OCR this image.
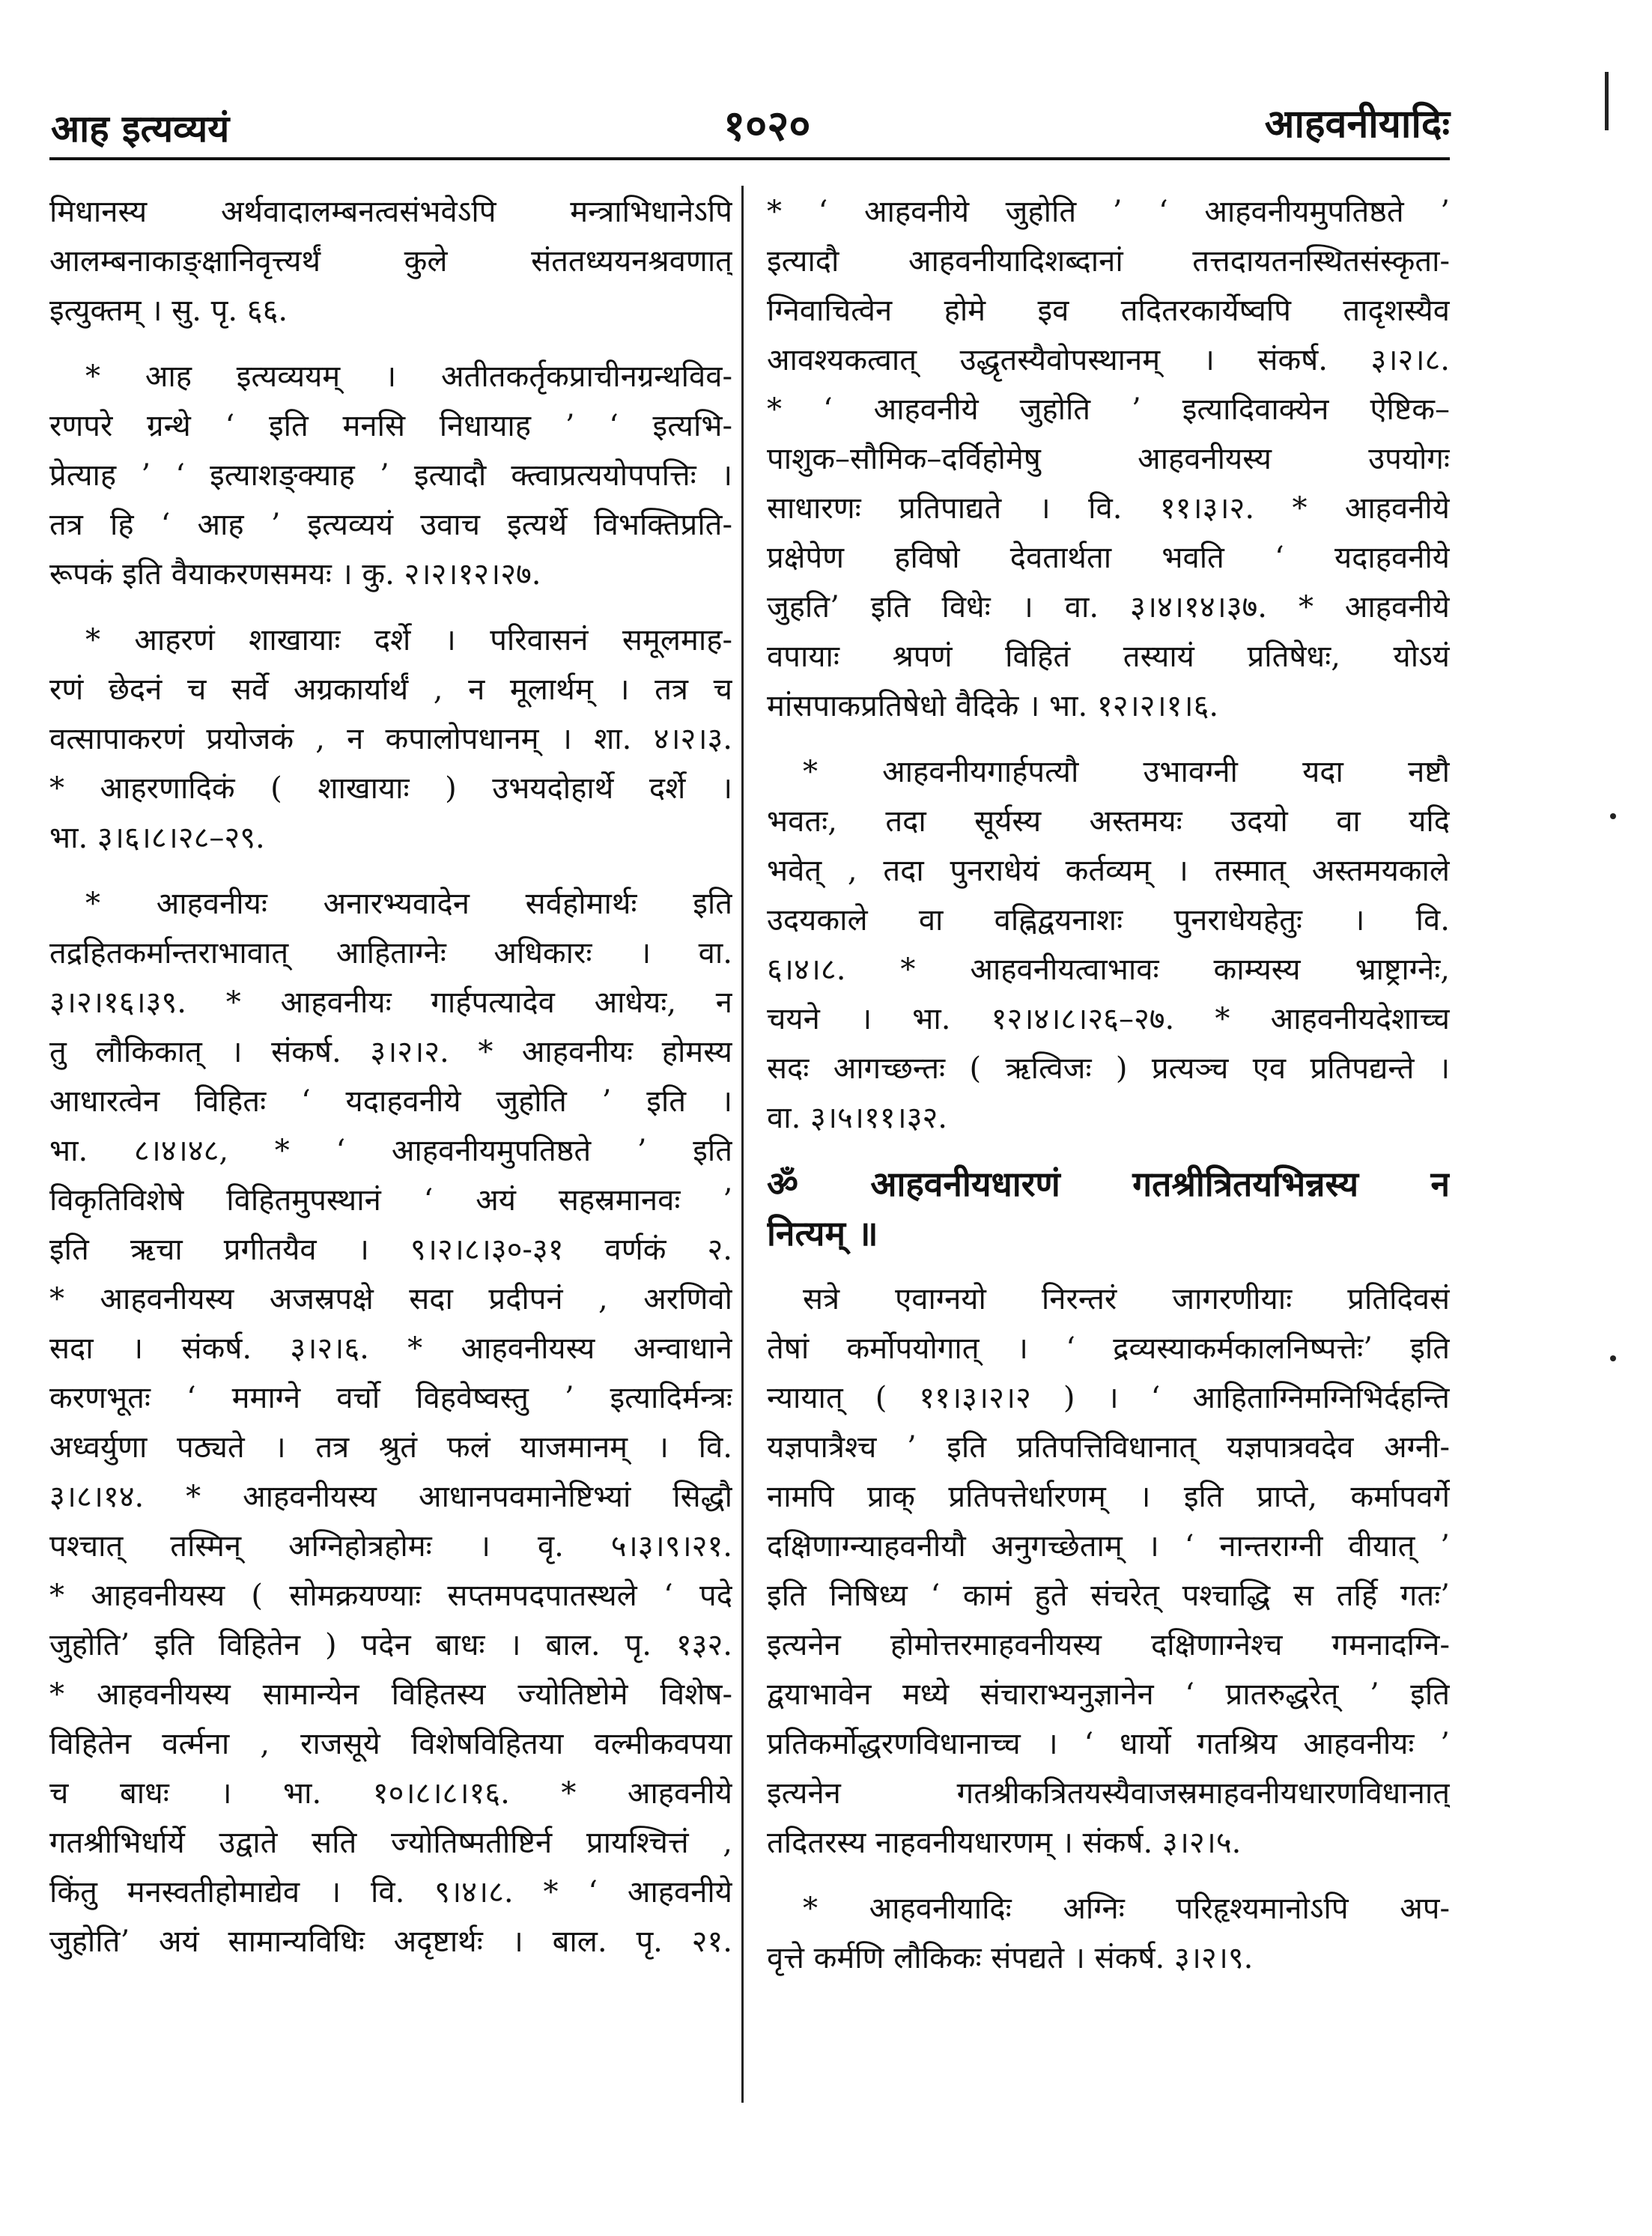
आह इत्यव्ययं	१०२०	आहवनीयादिः
मिधानस्य अर्थवादालम्बनत्वसंभवेऽपि मन्त्राभिधानेऽपि
आलम्बनाकाङ्क्षानिवृत्त्यर्थं कुले संततध्ययनश्रवणात्
इत्युक्तम् । सु. पृ. ६६.
* आह इत्यव्ययम् । अतीतकर्तृकप्राचीनग्रन्थविव-
रणपरे ग्रन्थे ‘ इति मनसि निधायाह ’ ‘ इत्यभि-
प्रेत्याह ’ ‘ इत्याशङ्क्याह ’ इत्यादौ क्त्वाप्रत्ययोपपत्तिः ।
तत्र हि ‘ आह ’ इत्यव्ययं उवाच इत्यर्थे विभक्तिप्रति-
रूपकं इति वैयाकरणसमयः । कु. २।२।१२।२७.
* आहरणं शाखायाः दर्शे । परिवासनं समूलमाह-
रणं छेदनं च सर्वे अग्रकार्यार्थं , न मूलार्थम् । तत्र च
वत्सापाकरणं प्रयोजकं , न कपालोपधानम् । शा. ४।२।३.
* आहरणादिकं ( शाखायाः ) उभयदोहार्थे दर्शे ।
भा. ३।६।८।२८–२९.
* आहवनीयः अनारभ्यवादेन सर्वहोमार्थः इति
तद्रहितकर्मान्तराभावात् आहिताग्नेः अधिकारः । वा.
३।२।१६।३९. * आहवनीयः गार्हपत्यादेव आधेयः, न
तु लौकिकात् । संकर्ष. ३।२।२. * आहवनीयः होमस्य
आधारत्वेन विहितः ‘ यदाहवनीये जुहोति ’ इति ।
भा. ८।४।४८, * ‘ आहवनीयमुपतिष्ठते ’ इति
विकृतिविशेषे विहितमुपस्थानं ‘ अयं सहस्रमानवः ’
इति ऋचा प्रगीतयैव । ९।२।८।३०-३१ वर्णकं २.
* आहवनीयस्य अजस्रपक्षे सदा प्रदीपनं , अरणिवो
सदा । संकर्ष. ३।२।६. * आहवनीयस्य अन्वाधाने
करणभूतः ‘ ममाग्ने वर्चो विहवेष्वस्तु ’ इत्यादिर्मन्त्रः
अध्वर्युणा पठ्यते । तत्र श्रुतं फलं याजमानम् । वि.
३।८।१४. * आहवनीयस्य आधानपवमानेष्टिभ्यां सिद्धौ
पश्चात् तस्मिन् अग्निहोत्रहोमः । वृ. ५।३।९।२१.
* आहवनीयस्य ( सोमक्रयण्याः सप्तमपदपातस्थले ‘ पदे
जुहोति’ इति विहितेन ) पदेन बाधः । बाल. पृ. १३२.
* आहवनीयस्य सामान्येन विहितस्य ज्योतिष्टोमे विशेष-
विहितेन वर्त्मना , राजसूये विशेषविहितया वल्मीकवपया
च बाधः । भा. १०।८।८।१६. * आहवनीये
गतश्रीभिर्धार्ये उद्वाते सति ज्योतिष्मतीष्टिर्न प्रायश्चित्तं ,
किंतु मनस्वतीहोमाद्येव । वि. ९।४।८. * ‘ आहवनीये
जुहोति’ अयं सामान्यविधिः अदृष्टार्थः । बाल. पृ. २१.
* ‘ आहवनीये जुहोति ’ ‘ आहवनीयमुपतिष्ठते ’
इत्यादौ आहवनीयादिशब्दानां तत्तदायतनस्थितसंस्कृता-
ग्निवाचित्वेन होमे इव तदितरकार्येष्वपि तादृशस्यैव
आवश्यकत्वात् उद्धृतस्यैवोपस्थानम् । संकर्ष. ३।२।८.
* ‘ आहवनीये जुहोति ’ इत्यादिवाक्येन ऐष्टिक–
पाशुक–सौमिक–दर्विहोमेषु आहवनीयस्य उपयोगः
साधारणः प्रतिपाद्यते । वि. ११।३।२. * आहवनीये
प्रक्षेपेण हविषो देवतार्थता भवति ‘ यदाहवनीये
जुहति’ इति विधेः । वा. ३।४।१४।३७. * आहवनीये
वपायाः श्रपणं विहितं तस्यायं प्रतिषेधः, योऽयं
मांसपाकप्रतिषेधो वैदिके । भा. १२।२।१।६.
* आहवनीयगार्हपत्यौ उभावग्नी यदा नष्टौ
भवतः, तदा सूर्यस्य अस्तमयः उदयो वा यदि
भवेत् , तदा पुनराधेयं कर्तव्यम् । तस्मात् अस्तमयकाले
उदयकाले वा वह्निद्वयनाशः पुनराधेयहेतुः । वि.
६।४।८. * आहवनीयत्वाभावः काम्यस्य भ्राष्ट्राग्नेः,
चयने । भा. १२।४।८।२६–२७. * आहवनीयदेशाच्च
सदः आगच्छन्तः ( ऋत्विजः ) प्रत्यञ्च एव प्रतिपद्यन्ते ।
वा. ३।५।११।३२.
ॐ आहवनीयधारणं गतश्रीत्रितयभिन्नस्य न
नित्यम् ॥
सत्रे एवाग्नयो निरन्तरं जागरणीयाः प्रतिदिवसं
तेषां कर्मोपयोगात् । ‘ द्रव्यस्याकर्मकालनिष्पत्तेः’ इति
न्यायात् ( ११।३।२।२ ) । ‘ आहिताग्निमग्निभिर्दहन्ति
यज्ञपात्रैश्च ’ इति प्रतिपत्तिविधानात् यज्ञपात्रवदेव अग्नी-
नामपि प्राक् प्रतिपत्तेर्धारणम् । इति प्राप्ते, कर्मापवर्गे
दक्षिणाग्न्याहवनीयौ अनुगच्छेताम् । ‘ नान्तराग्नी वीयात् ’
इति निषिध्य ‘ कामं हुते संचरेत् पश्चाद्धि स तर्हि गतः’
इत्यनेन होमोत्तरमाहवनीयस्य दक्षिणाग्नेश्च गमनादग्नि-
द्वयाभावेन मध्ये संचाराभ्यनुज्ञानेन ‘ प्रातरुद्धरेत् ’ इति
प्रतिकर्मोद्धरणविधानाच्च । ‘ धार्यो गतश्रिय आहवनीयः ’
इत्यनेन गतश्रीकत्रितयस्यैवाजस्रमाहवनीयधारणविधानात्
तदितरस्य नाहवनीयधारणम् । संकर्ष. ३।२।५.
* आहवनीयादिः अग्निः परिहृश्यमानोऽपि अप-
वृत्ते कर्मणि लौकिकः संपद्यते । संकर्ष. ३।२।९.
